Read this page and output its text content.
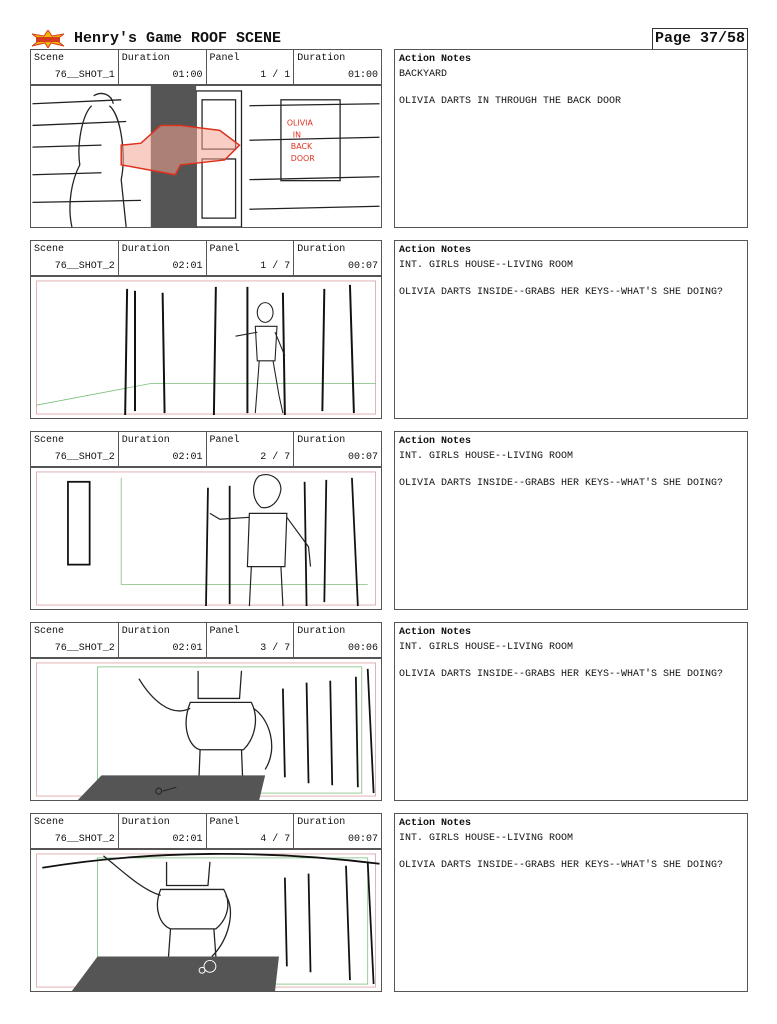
Henry's Game ROOF SCENE	Page 37/58
Scene
76__SHOT_1
Duration
01:00
Panel
1 / 1
Duration
01:00
OLIVIA
IN
BACK
DOOR
Action Notes
BACKYARD
OLIVIA DARTS IN THROUGH THE BACK DOOR
Scene
76__SHOT_2
Duration
02:01
Panel
1 / 7
Duration
00:07
Action Notes
INT. GIRLS HOUSE--LIVING ROOM
OLIVIA DARTS INSIDE--GRABS HER KEYS--WHAT'S SHE DOING?
Scene
76__SHOT_2
Duration
02:01
Panel
2 / 7
Duration
00:07
Action Notes
INT. GIRLS HOUSE--LIVING ROOM
OLIVIA DARTS INSIDE--GRABS HER KEYS--WHAT'S SHE DOING?
Scene
76__SHOT_2
Duration
02:01
Panel
3 / 7
Duration
00:06
Action Notes
INT. GIRLS HOUSE--LIVING ROOM
OLIVIA DARTS INSIDE--GRABS HER KEYS--WHAT'S SHE DOING?
Scene
76__SHOT_2
Duration
02:01
Panel
4 / 7
Duration
00:07
Action Notes
INT. GIRLS HOUSE--LIVING ROOM
OLIVIA DARTS INSIDE--GRABS HER KEYS--WHAT'S SHE DOING?
